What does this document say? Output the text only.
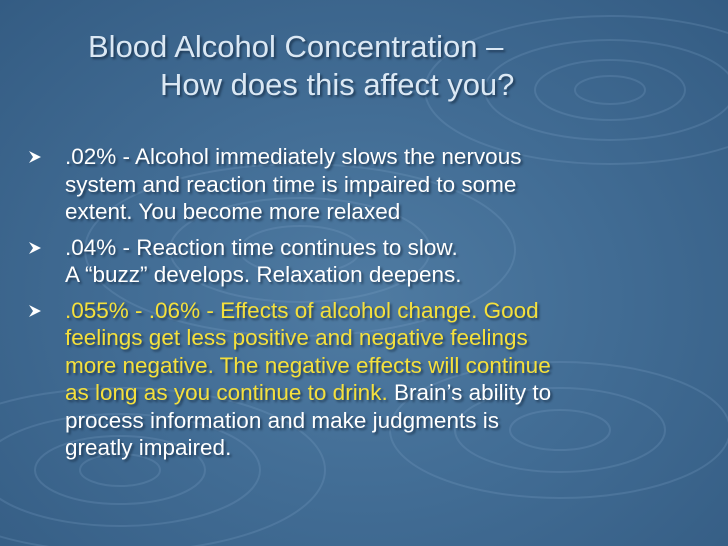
Blood Alcohol Concentration –
How does this affect you?
.02% - Alcohol immediately slows the nervous
system and reaction time is impaired to some
extent. You become more relaxed
.04% - Reaction time continues to slow.
A “buzz” develops. Relaxation deepens.
.055% - .06% - Effects of alcohol change. Good
feelings get less positive and negative feelings
more negative. The negative effects will continue
as long as you continue to drink. Brain’s ability to
process information and make judgments is
greatly impaired.
